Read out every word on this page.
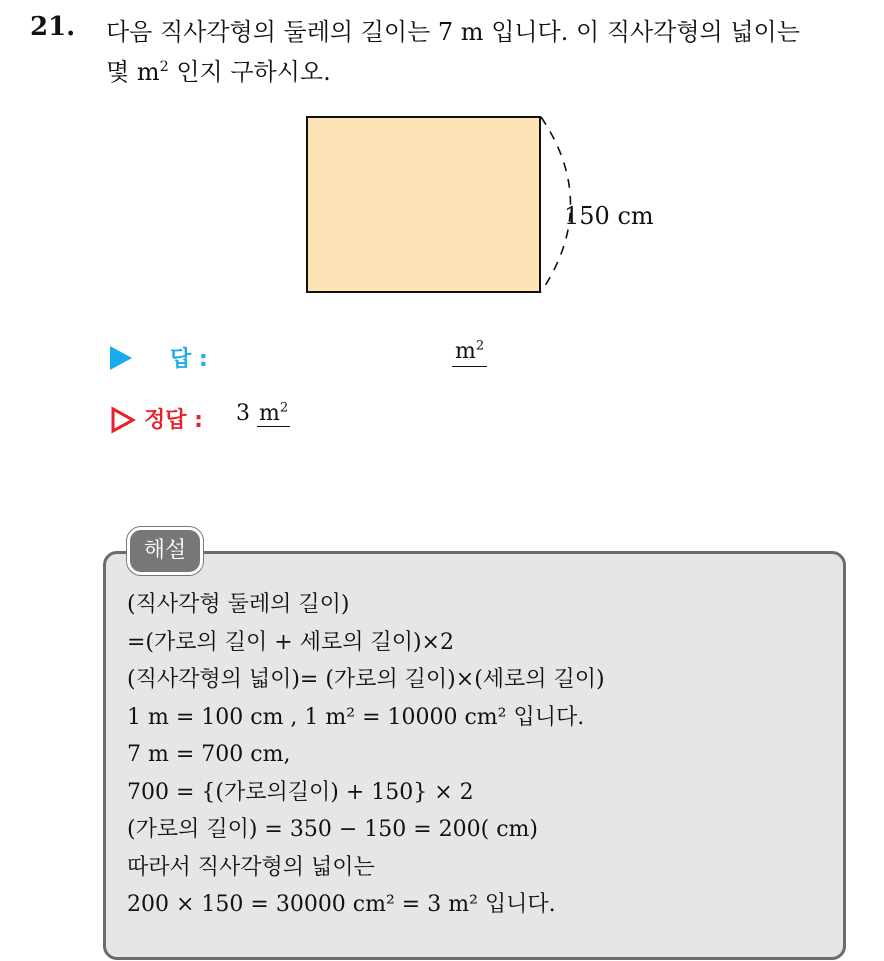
21. 다음 직사각형의 둘레의 길이는 7 m 입니다. 이 직사각형의 넓이는
몇 $m^2$ 인지 구하시오.
150 cm
답 :	$m^2$
정답 : 3 $m^2$
해설
(직사각형 둘레의 길이)
=(가로의 길이 + 세로의 길이)×2
(직사각형의 넓이)= (가로의 길이)×(세로의 길이)
1 m = 100 cm , 1 m² = 10000 cm² 입니다.
7 m = 700 cm,
700 = {(가로의길이) + 150} × 2
(가로의 길이) = 350 − 150 = 200( cm)
따라서 직사각형의 넓이는
200 × 150 = 30000 cm² = 3 m² 입니다.
